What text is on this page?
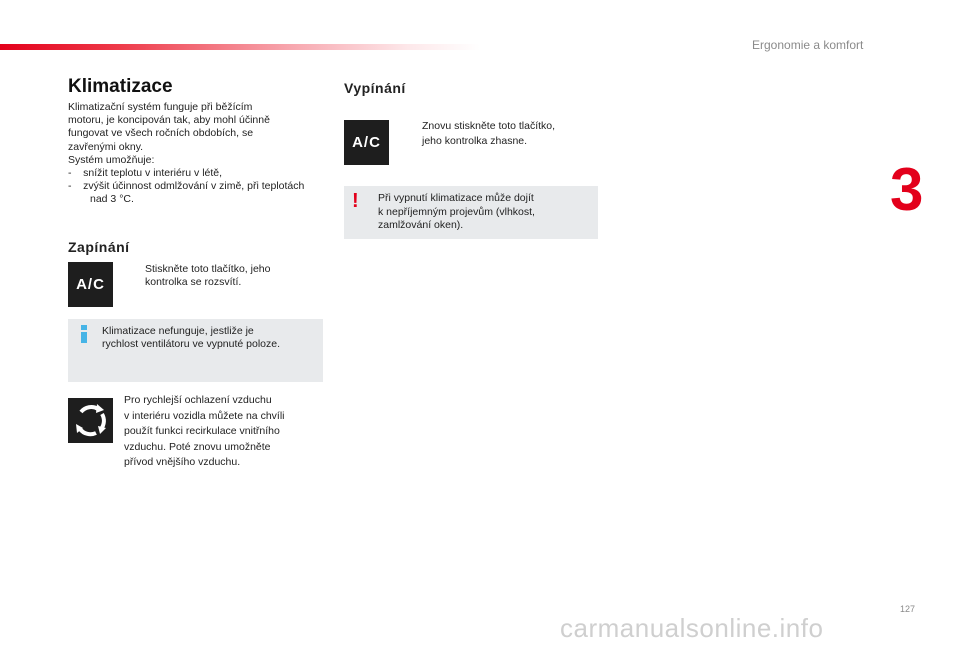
Ergonomie a komfort
3
Klimatizace
Klimatizační systém funguje při běžícím
motoru, je koncipován tak, aby mohl účinně
fungovat ve všech ročních obdobích, se
zavřenými okny.
Systém umožňuje:
-    snížit teplotu v interiéru v létě,
-    zvýšit účinnost odmlžování v zimě, při teplotách nad 3 °C.
Zapínání
A/C
Stiskněte toto tlačítko, jeho
kontrolka se rozsvítí.
Klimatizace nefunguje, jestliže je
rychlost ventilátoru ve vypnuté poloze.
Pro rychlejší ochlazení vzduchu
v interiéru vozidla můžete na chvíli
použít funkci recirkulace vnitřního
vzduchu. Poté znovu umožněte
přívod vnějšího vzduchu.
Vypínání
A/C
Znovu stiskněte toto tlačítko,
jeho kontrolka zhasne.
! Při vypnutí klimatizace může dojít
k nepříjemným projevům (vlhkost,
zamlžování oken).
127
carmanualsonline.info
